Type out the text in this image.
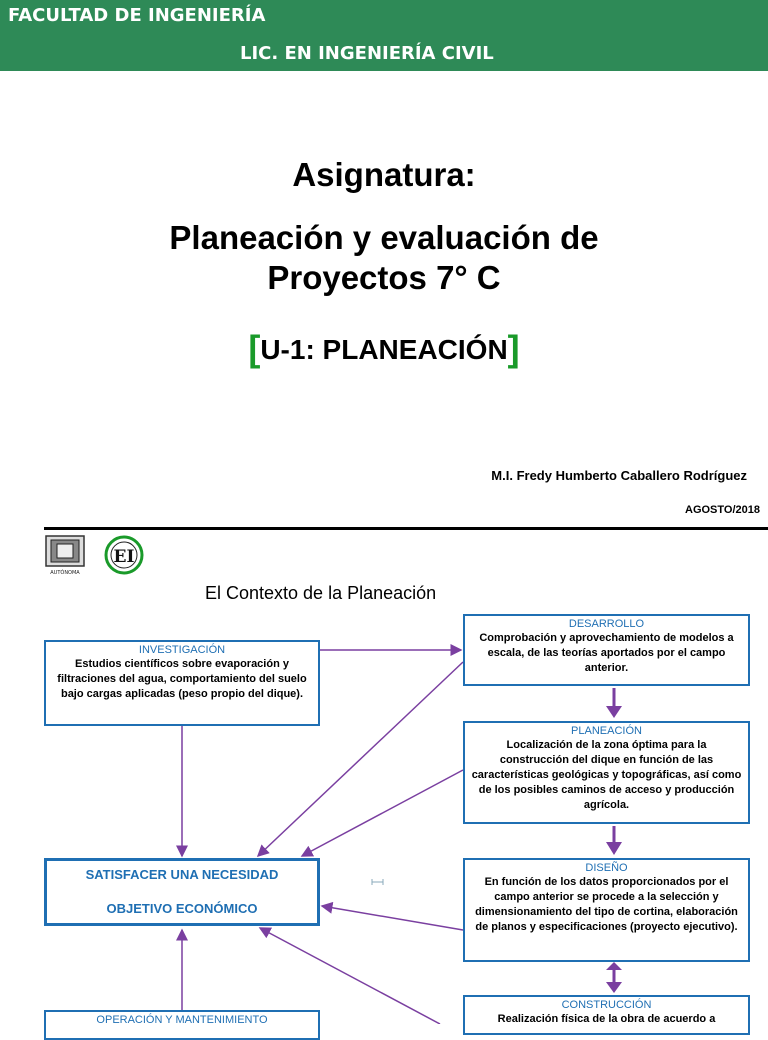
FACULTAD DE INGENIERÍA
LIC. EN INGENIERÍA CIVIL
Asignatura:
Planeación y evaluación de
Proyectos 7° C
[U-1: PLANEACIÓN]
M.I. Fredy Humberto Caballero Rodríguez
AGOSTO/2018
AUTÓNOMA
EI
El Contexto de la Planeación
INVESTIGACIÓN
Estudios científicos sobre evaporación y filtraciones del agua, comportamiento del suelo bajo cargas aplicadas (peso propio del dique).
DESARROLLO
Comprobación y aprovechamiento de modelos a escala, de las teorías aportados por el campo anterior.
PLANEACIÓN
Localización de la zona óptima para la construcción del dique en función de las características geológicas y topográficas, así como de los posibles caminos de acceso y producción agrícola.
DISEÑO
En función de los datos proporcionados por el campo anterior se procede a la selección y dimensionamiento del tipo de cortina, elaboración de planos y especificaciones (proyecto ejecutivo).
CONSTRUCCIÓN
Realización física de la obra de acuerdo a
OPERACIÓN Y MANTENIMIENTO
SATISFACER UNA NECESIDAD
OBJETIVO ECONÓMICO
